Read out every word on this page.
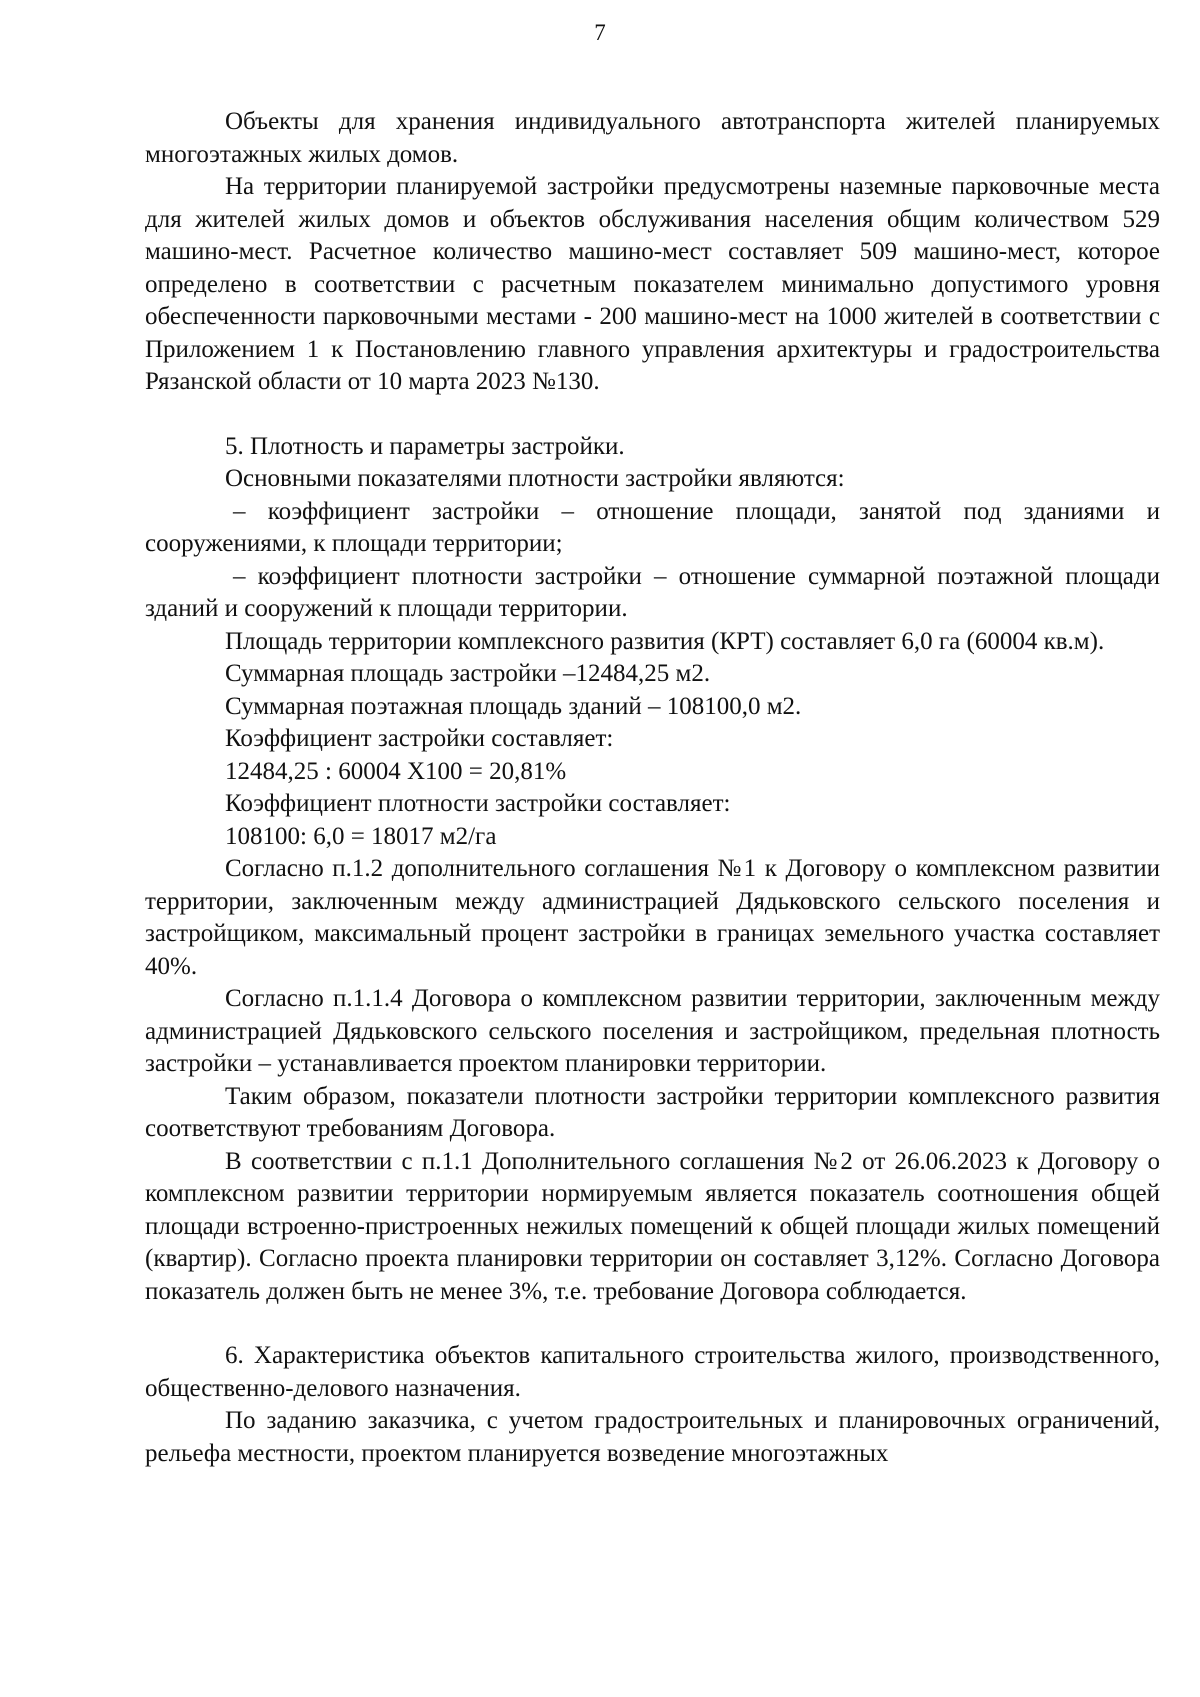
7

Объекты для хранения индивидуального автотранспорта жителей планируемых многоэтажных жилых домов.

На территории планируемой застройки предусмотрены наземные парковочные места для жителей жилых домов и объектов обслуживания населения общим количеством 529 машино-мест. Расчетное количество машино-мест составляет 509 машино-мест, которое определено в соответствии с расчетным показателем минимально допустимого уровня обеспеченности парковочными местами - 200 машино-мест на 1000 жителей в соответствии с Приложением 1 к Постановлению главного управления архитектуры и градостроительства Рязанской области от 10 марта 2023 №130.

5. Плотность и параметры застройки.

Основными показателями плотности застройки являются:

– коэффициент застройки – отношение площади, занятой под зданиями и сооружениями, к площади территории;

– коэффициент плотности застройки – отношение суммарной поэтажной площади зданий и сооружений к площади территории.

Площадь территории комплексного развития (КРТ) составляет 6,0 га (60004 кв.м).

Суммарная площадь застройки –12484,25 м2.

Суммарная поэтажная площадь зданий – 108100,0 м2.

Коэффициент застройки составляет:

12484,25 : 60004 Х100 = 20,81%

Коэффициент плотности застройки составляет:

108100: 6,0 = 18017 м2/га

Согласно п.1.2 дополнительного соглашения №1 к Договору о комплексном развитии территории, заключенным между администрацией Дядьковского сельского поселения и застройщиком, максимальный процент застройки в границах земельного участка составляет 40%.

Согласно п.1.1.4 Договора о комплексном развитии территории, заключенным между администрацией Дядьковского сельского поселения и застройщиком, предельная плотность застройки – устанавливается проектом планировки территории.

Таким образом, показатели плотности застройки территории комплексного развития соответствуют требованиям Договора.

В соответствии с п.1.1 Дополнительного соглашения №2 от 26.06.2023 к Договору о комплексном развитии территории нормируемым является показатель соотношения общей площади встроенно-пристроенных нежилых помещений к общей площади жилых помещений (квартир). Согласно проекта планировки территории он составляет 3,12%. Согласно Договора показатель должен быть не менее 3%, т.е. требование Договора соблюдается.

6. Характеристика объектов капитального строительства жилого, производственного, общественно-делового назначения.

По заданию заказчика, с учетом градостроительных и планировочных ограничений, рельефа местности, проектом планируется возведение многоэтажных
